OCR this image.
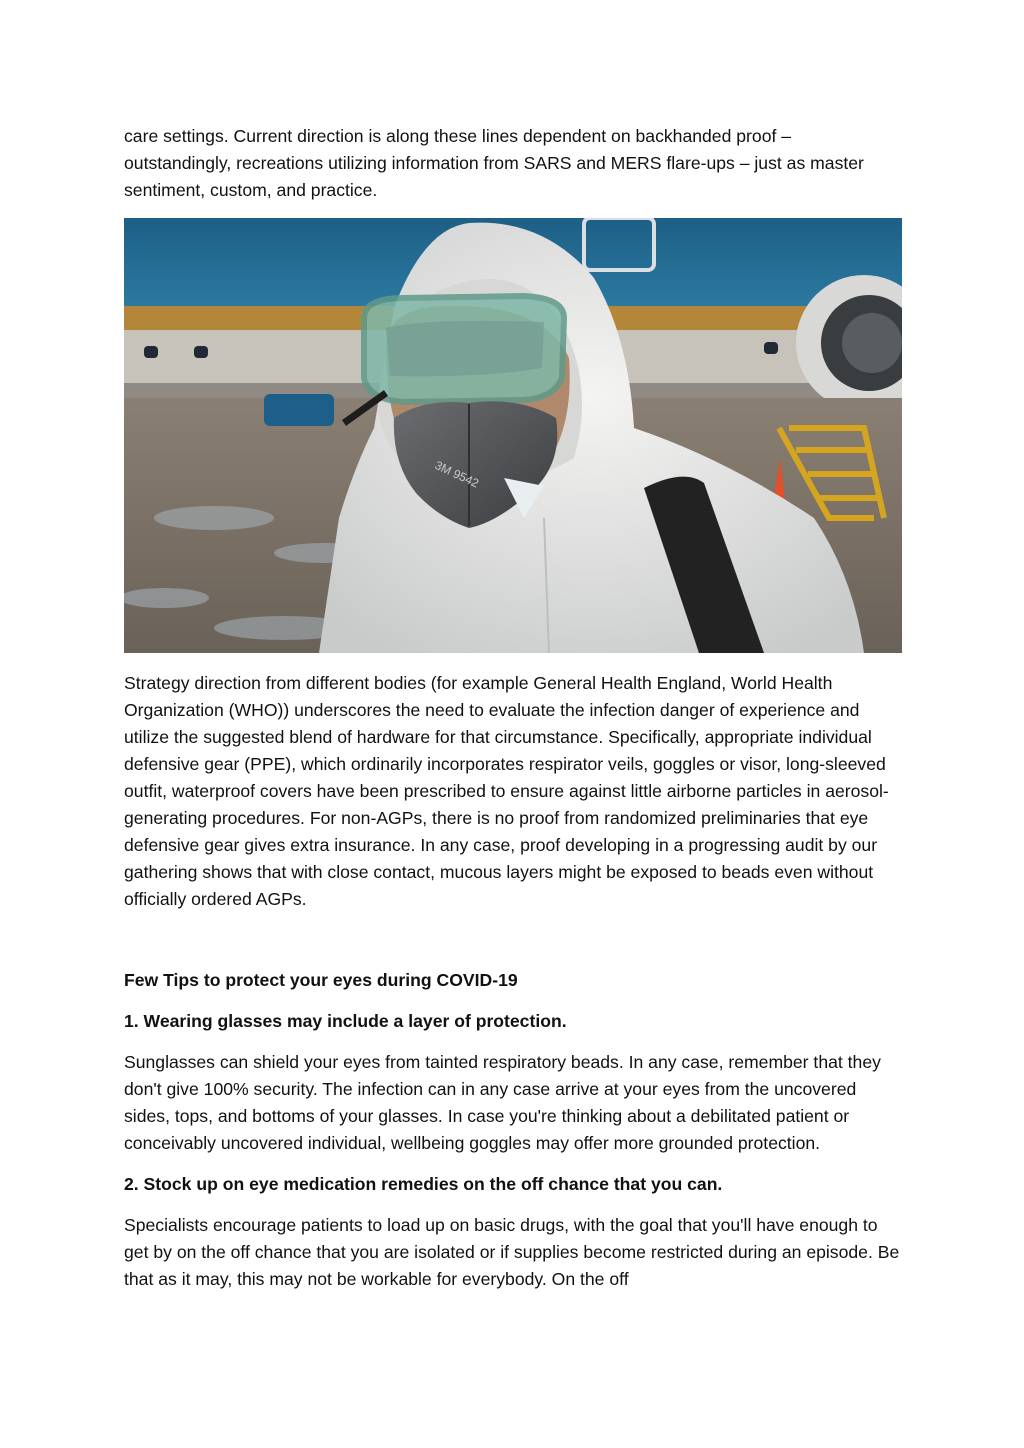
care settings. Current direction is along these lines dependent on backhanded proof – outstandingly, recreations utilizing information from SARS and MERS flare-ups – just as master sentiment, custom, and practice.

3M 9542

Strategy direction from different bodies (for example General Health England, World Health Organization (WHO)) underscores the need to evaluate the infection danger of experience and utilize the suggested blend of hardware for that circumstance. Specifically, appropriate individual defensive gear (PPE), which ordinarily incorporates respirator veils, goggles or visor, long-sleeved outfit, waterproof covers have been prescribed to ensure against little airborne particles in aerosol-generating procedures. For non-AGPs, there is no proof from randomized preliminaries that eye defensive gear gives extra insurance. In any case, proof developing in a progressing audit by our gathering shows that with close contact, mucous layers might be exposed to beads even without officially ordered AGPs.

Few Tips to protect your eyes during COVID-19

1. Wearing glasses may include a layer of protection.

Sunglasses can shield your eyes from tainted respiratory beads. In any case, remember that they don't give 100% security. The infection can in any case arrive at your eyes from the uncovered sides, tops, and bottoms of your glasses. In case you're thinking about a debilitated patient or conceivably uncovered individual, wellbeing goggles may offer more grounded protection.

2. Stock up on eye medication remedies on the off chance that you can.

Specialists encourage patients to load up on basic drugs, with the goal that you'll have enough to get by on the off chance that you are isolated or if supplies become restricted during an episode. Be that as it may, this may not be workable for everybody. On the off
